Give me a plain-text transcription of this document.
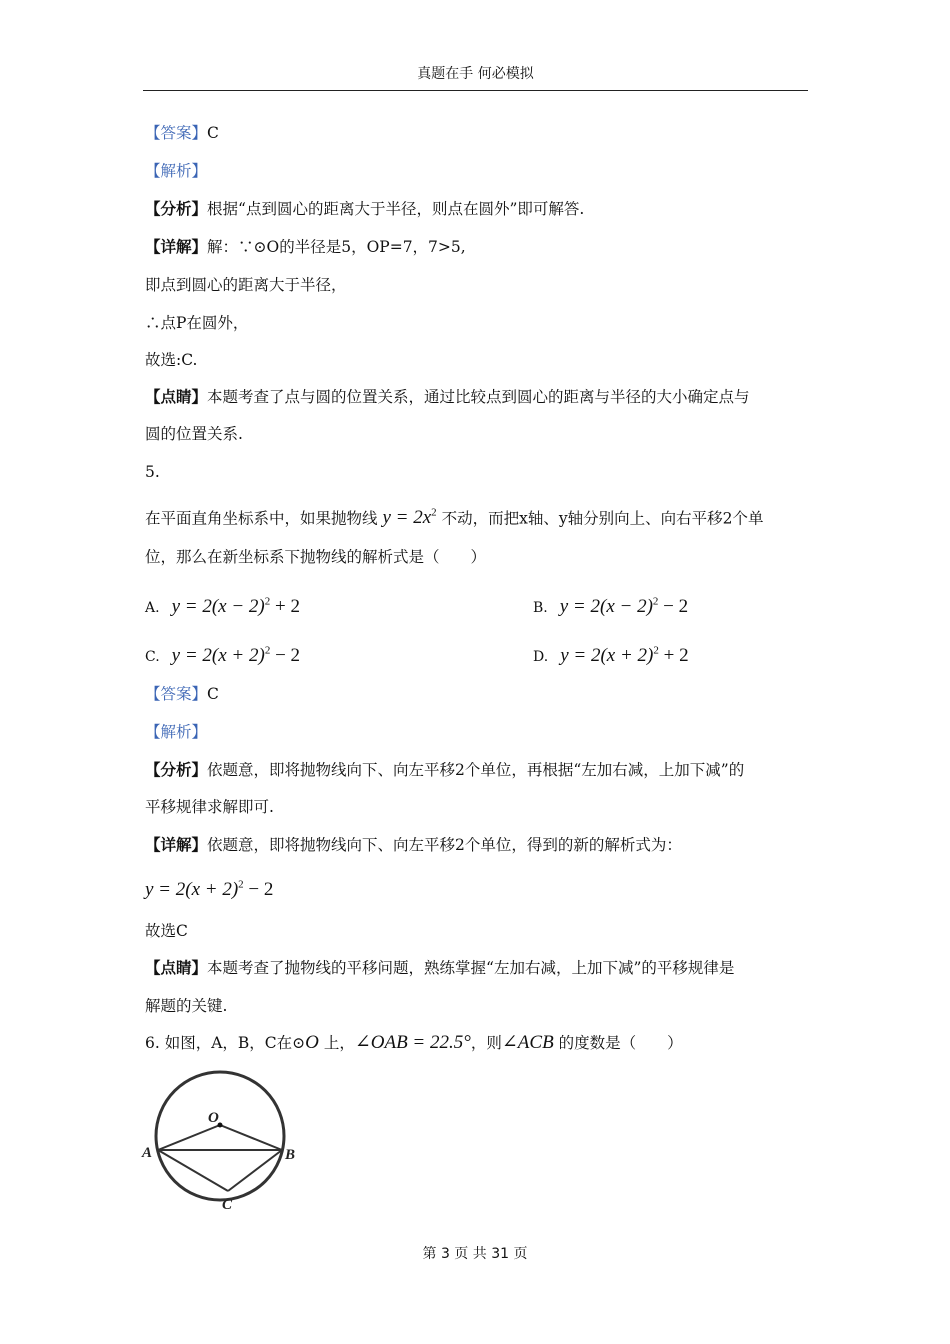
真题在手 何必模拟
【答案】C
【解析】
【分析】根据“点到圆心的距离大于半径，则点在圆外”即可解答.
【详解】解：∵⊙O的半径是5，OP=7，7>5,
即点到圆心的距离大于半径，
∴点P在圆外，
故选:C.
【点睛】本题考查了点与圆的位置关系，通过比较点到圆心的距离与半径的大小确定点与
圆的位置关系.
5.
在平面直角坐标系中，如果抛物线 $y = 2x^2$ 不动，而把x轴、y轴分别向上、向右平移2个单
位，那么在新坐标系下抛物线的解析式是（　　）
A. $y = 2(x - 2)^2 + 2$	B. $y = 2(x - 2)^2 - 2$
C. $y = 2(x + 2)^2 - 2$	D. $y = 2(x + 2)^2 + 2$
【答案】C
【解析】
【分析】依题意，即将抛物线向下、向左平移2个单位，再根据“左加右减，上加下减”的
平移规律求解即可.
【详解】依题意，即将抛物线向下、向左平移2个单位，得到的新的解析式为：
$y = 2(x + 2)^2 - 2$
故选C
【点睛】本题考查了抛物线的平移问题，熟练掌握“左加右减，上加下减”的平移规律是
解题的关键.
6. 如图，A，B，C在⊙O 上，∠OAB = 22.5°，则∠ACB 的度数是（　　）
O
A	B
C
第 3 页 共 31 页
